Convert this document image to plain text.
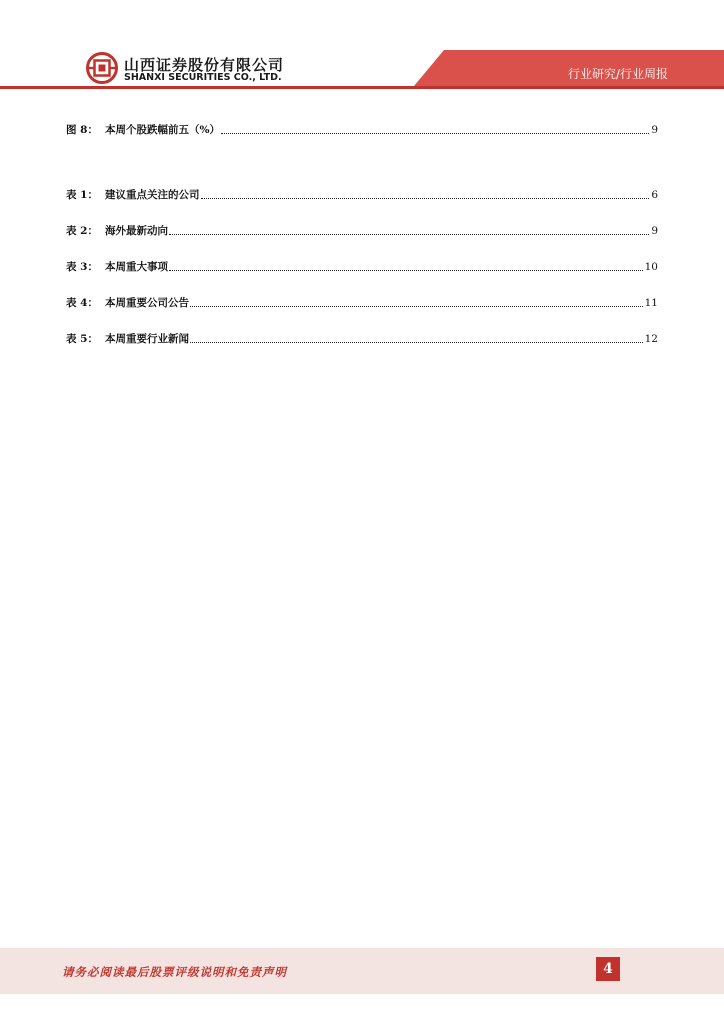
山西证券股份有限公司
SHANXI SECURITIES CO., LTD.	行业研究/行业周报
图 8： 本周个股跌幅前五（%）	9
表 1： 建议重点关注的公司	6
表 2： 海外最新动向	9
表 3： 本周重大事项	10
表 4： 本周重要公司公告	11
表 5： 本周重要行业新闻	12
请务必阅读最后股票评级说明和免责声明	4
